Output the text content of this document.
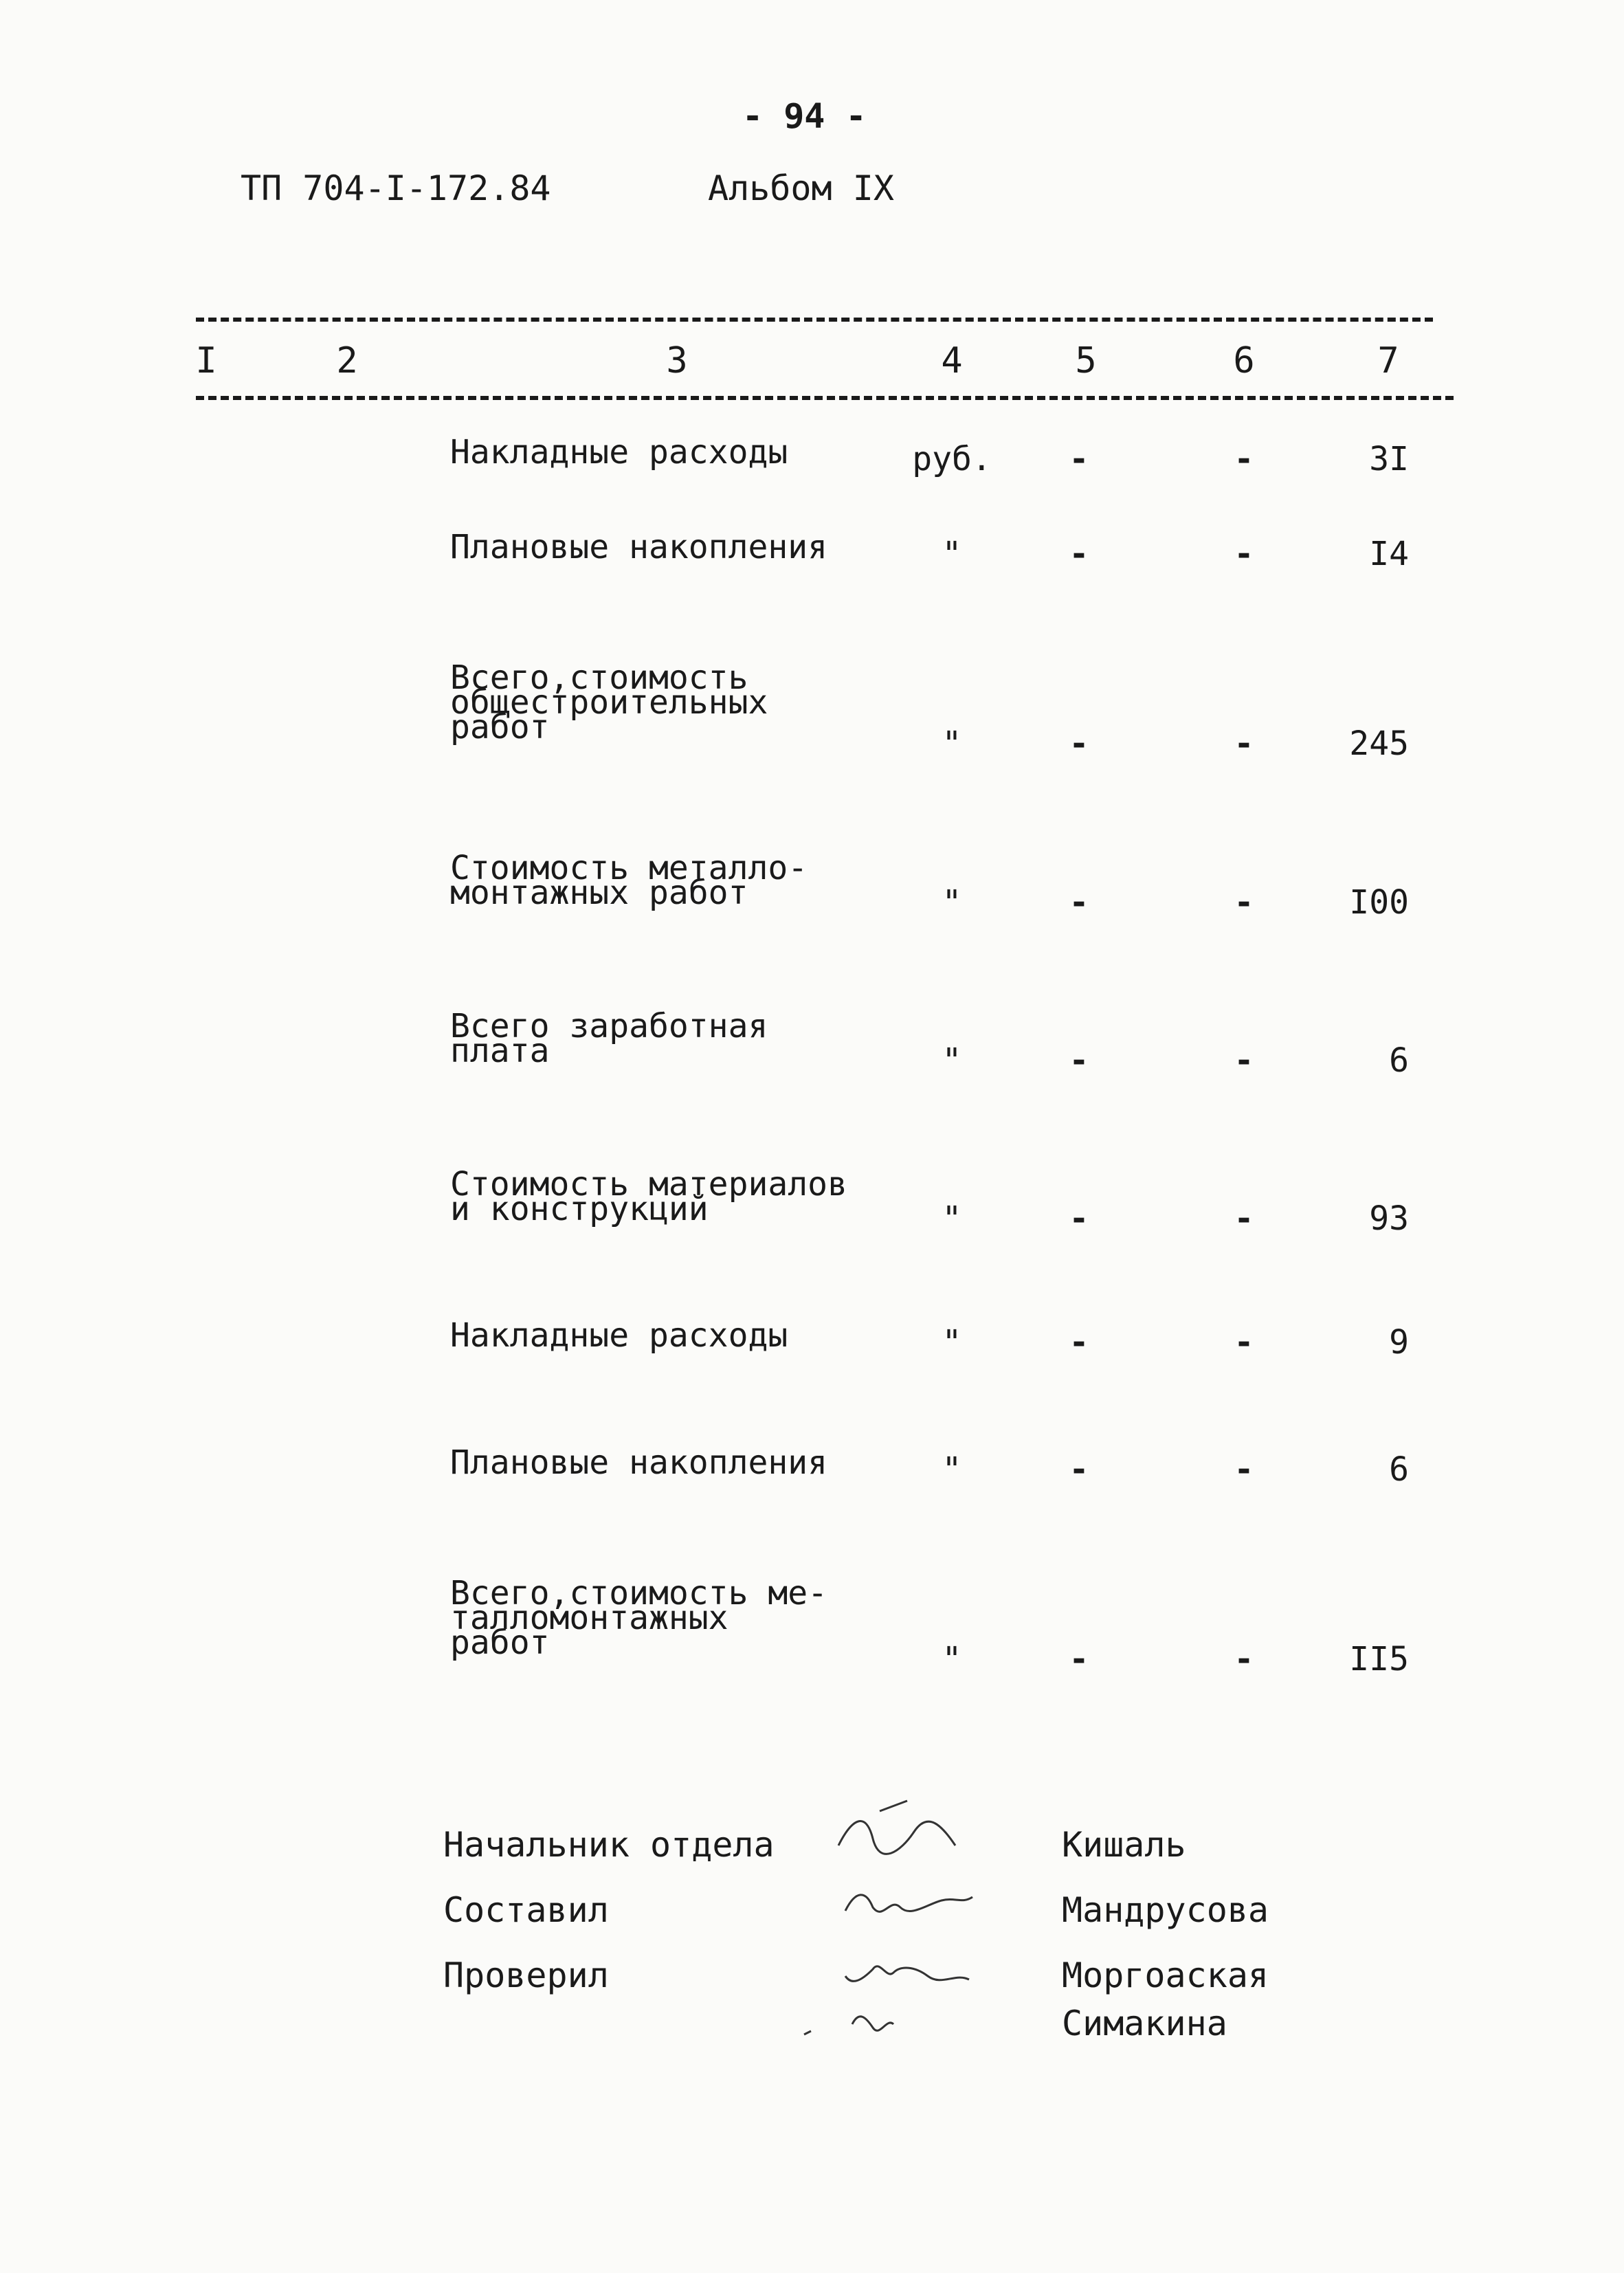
- 94 -
ТП 704-I-172.84	Альбом IX
I	2	3	4	5	6	7
Накладные расходы	руб.	-	-	3I
Плановые накопления	"	-	-	I4
Всего,стоимость
общестроительных
работ	"	-	-	245
Стоимость металло-
монтажных работ	"	-	-	I00
Всего заработная
плата	"	-	-	6
Стоимость материалов
и конструкций	"	-	-	93
Накладные расходы	"	-	-	9
Плановые накопления	"	-	-	6
Всего,стоимость ме-
талломонтажных
работ	"	-	-	II5
Начальник отдела	Кишаль
Составил	Мандрусова
Проверил	Моргоаская
Симакина
